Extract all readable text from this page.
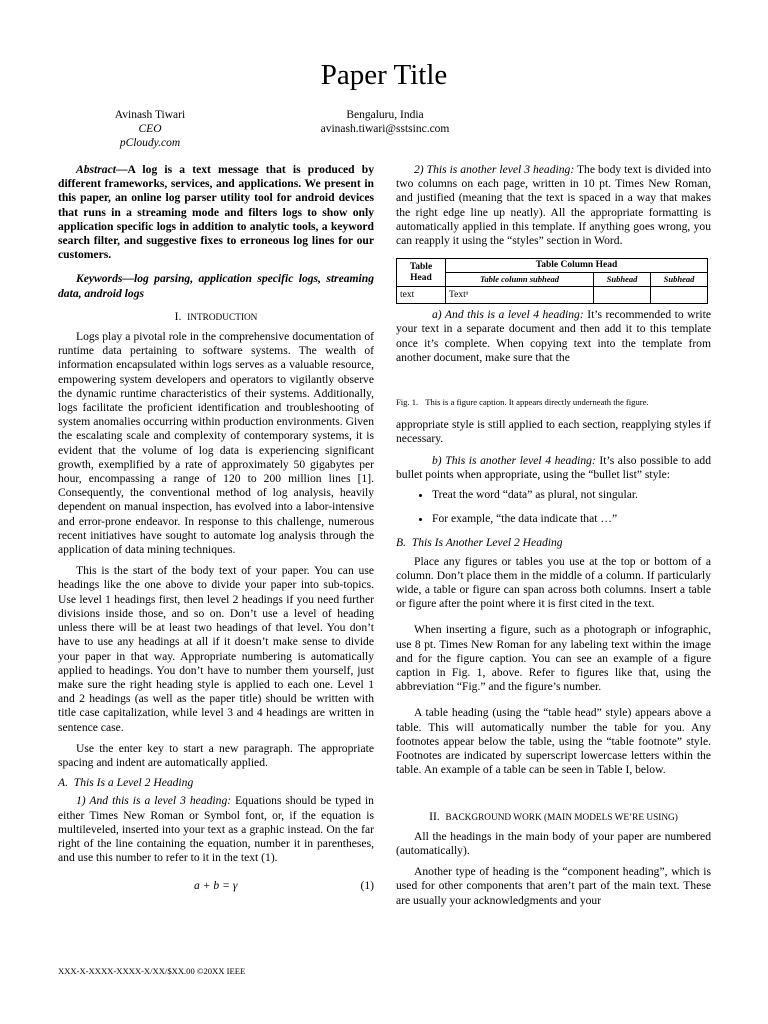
Paper Title
Avinash Tiwari
CEO
pCloudy.com
Bengaluru, India
avinash.tiwari@sstsinc.com

Abstract—A log is a text message that is produced by different frameworks, services, and applications. We present in this paper, an online log parser utility tool for android devices that runs in a streaming mode and filters logs to show only application specific logs in addition to analytic tools, a keyword search filter, and suggestive fixes to erroneous log lines for our customers.

Keywords—log parsing, application specific logs, streaming data, android logs

I. INTRODUCTION

Logs play a pivotal role in the comprehensive documentation of runtime data pertaining to software systems. The wealth of information encapsulated within logs serves as a valuable resource, empowering system developers and operators to vigilantly observe the dynamic runtime characteristics of their systems. Additionally, logs facilitate the proficient identification and troubleshooting of system anomalies occurring within production environments. Given the escalating scale and complexity of contemporary systems, it is evident that the volume of log data is experiencing significant growth, exemplified by a rate of approximately 50 gigabytes per hour, encompassing a range of 120 to 200 million lines [1]. Consequently, the conventional method of log analysis, heavily dependent on manual inspection, has evolved into a labor-intensive and error-prone endeavor. In response to this challenge, numerous recent initiatives have sought to automate log analysis through the application of data mining techniques.

This is the start of the body text of your paper. You can use headings like the one above to divide your paper into sub-topics. Use level 1 headings first, then level 2 headings if you need further divisions inside those, and so on. Don’t use a level of heading unless there will be at least two headings of that level. You don’t have to use any headings at all if it doesn’t make sense to divide your paper in that way. Appropriate numbering is automatically applied to headings. You don’t have to number them yourself, just make sure the right heading style is applied to each one. Level 1 and 2 headings (as well as the paper title) should be written with title case capitalization, while level 3 and 4 headings are written in sentence case.

Use the enter key to start a new paragraph. The appropriate spacing and indent are automatically applied.

A. This Is a Level 2 Heading

1) And this is a level 3 heading: Equations should be typed in either Times New Roman or Symbol font, or, if the equation is multileveled, inserted into your text as a graphic instead. On the far right of the line containing the equation, number it in parentheses, and use this number to refer to it in the text (1).

a + b = γ	(1)

2) This is another level 3 heading: The body text is divided into two columns on each page, written in 10 pt. Times New Roman, and justified (meaning that the text is spaced in a way that makes the right edge line up neatly). All the appropriate formatting is automatically applied in this template. If anything goes wrong, you can reapply it using the “styles” section in Word.

Table Head	Table Column Head		
	Table column subhead	Subhead	Subhead
text	Textᵃ		

a) And this is a level 4 heading: It’s recommended to write your text in a separate document and then add it to this template once it’s complete. When copying text into the template from another document, make sure that the

Fig. 1. This is a figure caption. It appears directly underneath the figure.

appropriate style is still applied to each section, reapplying styles if necessary.

b) This is another level 4 heading: It’s also possible to add bullet points when appropriate, using the “bullet list” style:

• Treat the word “data” as plural, not singular.
• For example, “the data indicate that …”
B. This Is Another Level 2 Heading

Place any figures or tables you use at the top or bottom of a column. Don’t place them in the middle of a column. If particularly wide, a table or figure can span across both columns. Insert a table or figure after the point where it is first cited in the text.

When inserting a figure, such as a photograph or infographic, use 8 pt. Times New Roman for any labeling text within the image and for the figure caption. You can see an example of a figure caption in Fig. 1, above. Refer to figures like that, using the abbreviation “Fig.” and the figure’s number.

A table heading (using the “table head” style) appears above a table. This will automatically number the table for you. Any footnotes appear below the table, using the “table footnote” style. Footnotes are indicated by superscript lowercase letters within the table. An example of a table can be seen in Table I, below.

II. BACKGROUND WORK (MAIN MODELS WE’RE USING)

All the headings in the main body of your paper are numbered (automatically).

Another type of heading is the “component heading”, which is used for other components that aren’t part of the main text. These are usually your acknowledgments and your

XXX-X-XXXX-XXXX-X/XX/$XX.00 ©20XX IEEE
